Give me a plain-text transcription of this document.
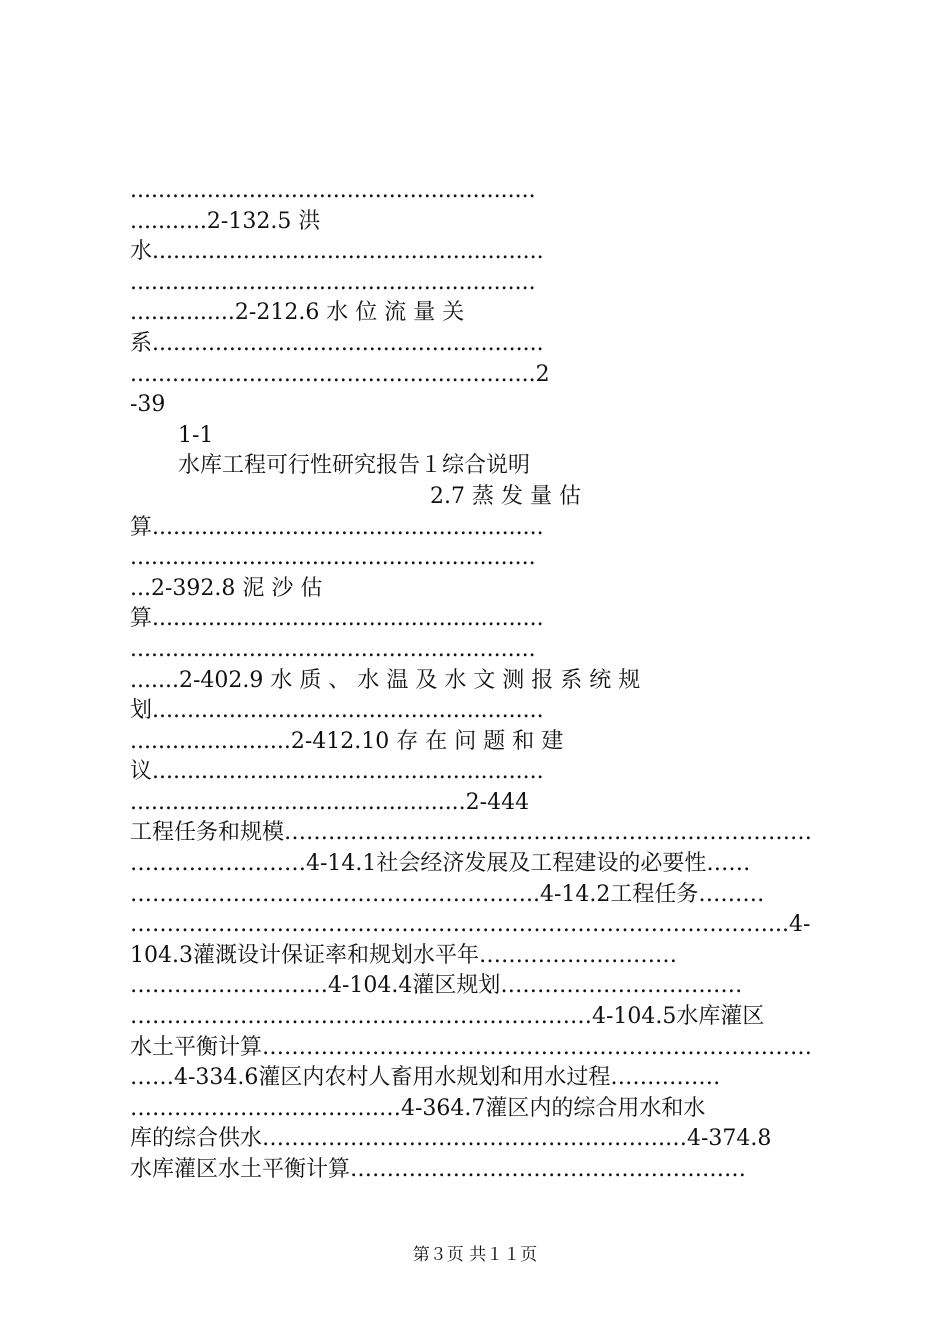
..........................................................
...........2-132.5 洪
水........................................................
..........................................................
...............2-212.6 水 位 流 量 关
系........................................................
..........................................................2
-39
1-1
水库工程可行性研究报告１综合说明
2.7 蒸 发 量 估
算........................................................
..........................................................
...2-392.8 泥 沙 估
算........................................................
..........................................................
.......2-402.9 水 质 、 水 温 及 水 文 测 报 系 统 规
划........................................................
.......................2-412.10 存 在 问 题 和 建
议........................................................
................................................2-444
工程任务和规模………………………………………………………………
……………………4-14.1社会经济发展及工程建设的必要性……
………………………………………………..4-14.2工程任务………
……………………………………………………………………………...4-
104.3灌溉设计保证率和规划水平年………………………
………………………4-104.4灌区规划……………………………
………………………………………………………4-104.5水库灌区
水土平衡计算…………………………………………………………………
……4-334.6灌区内农村人畜用水规划和用水过程……………
…………………………….…4-364.7灌区内的综合用水和水
库的综合供水……………………………………………….…4-374.8
水库灌区水土平衡计算………………………………………………
第３页 共１１页
